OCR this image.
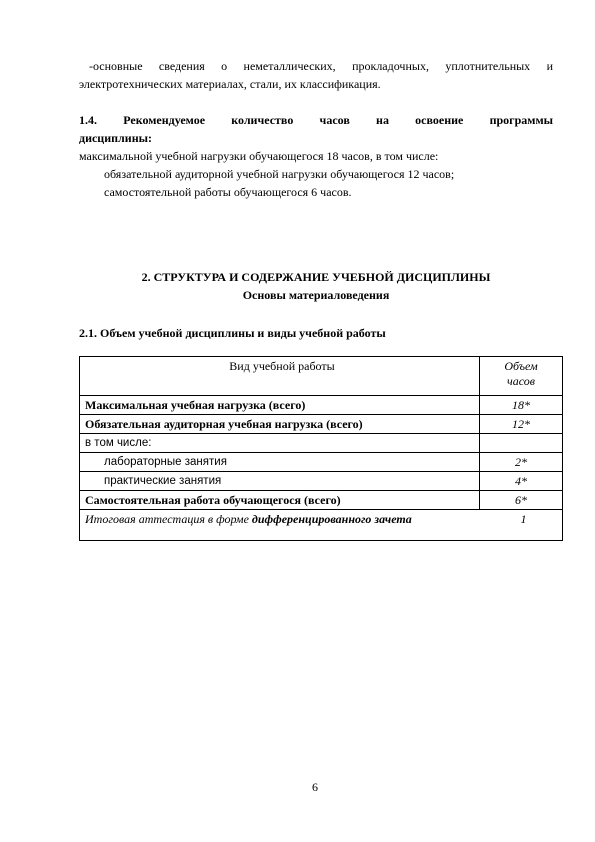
-основные сведения о неметаллических, прокладочных, уплотнительных и
электротехнических материалах, стали, их классификация.
1.4. Рекомендуемое количество часов на освоение программы
дисциплины:
максимальной учебной нагрузки обучающегося 18 часов, в том числе:
обязательной аудиторной учебной нагрузки обучающегося 12 часов;
самостоятельной работы обучающегося 6 часов.
2. СТРУКТУРА И СОДЕРЖАНИЕ УЧЕБНОЙ ДИСЦИПЛИНЫ
Основы материаловедения
2.1. Объем учебной дисциплины и виды учебной работы
Вид учебной работы	Объем
часов
Максимальная учебная нагрузка (всего)	18*
Обязательная аудиторная учебная нагрузка (всего)	12*
в том числе:	
лабораторные занятия	2*
практические занятия	4*
Самостоятельная работа обучающегося (всего)	6*
Итоговая аттестация в форме дифференцированного зачета 1	
6
